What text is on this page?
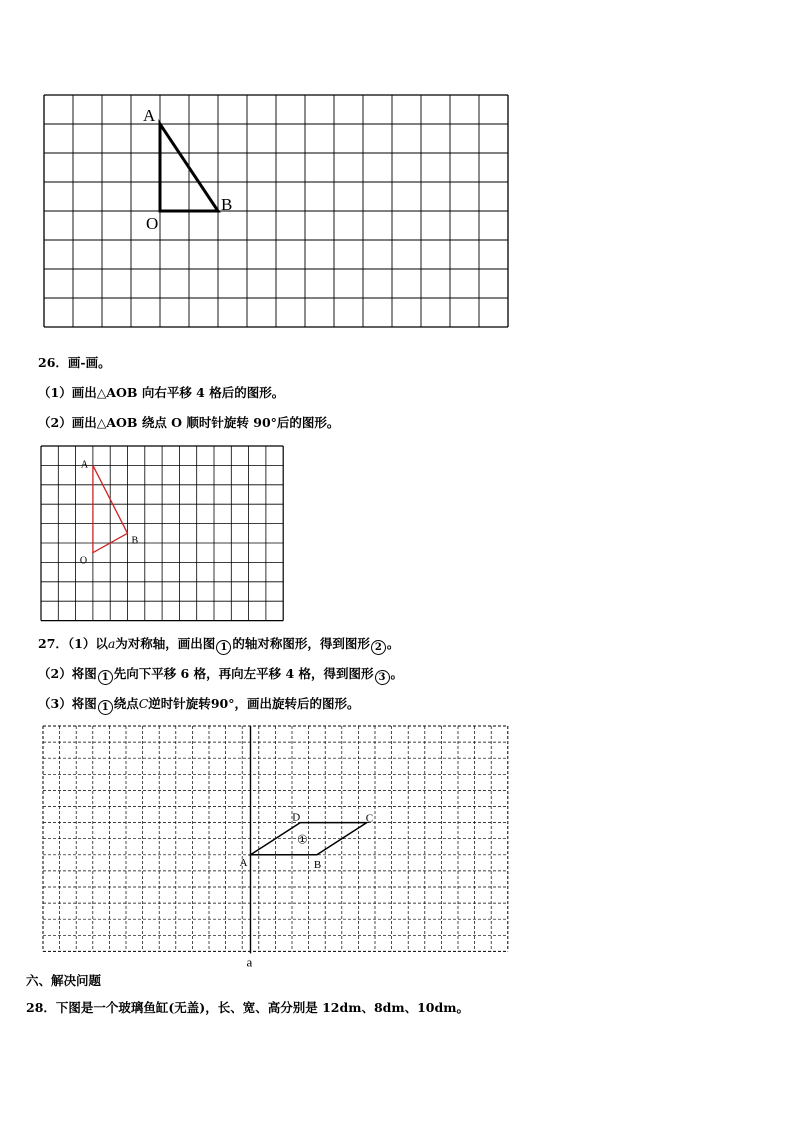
A
O
B
26．画-画。
（1）画出△AOB 向右平移 4 格后的图形。
（2）画出△AOB 绕点 O 顺时针旋转 90°后的图形。
A
O
B
27．（1）以a为对称轴，画出图 1 的轴对称图形，得到图形 2 。
（2）将图 1 先向下平移 6 格，再向左平移 4 格，得到图形 3 。
（3）将图 1 绕点C逆时针旋转90°，画出旋转后的图形。
a
A	B
C
D
①
六、解决问题
28．下图是一个玻璃鱼缸(无盖)，长、宽、高分别是 12dm、8dm、10dm。
